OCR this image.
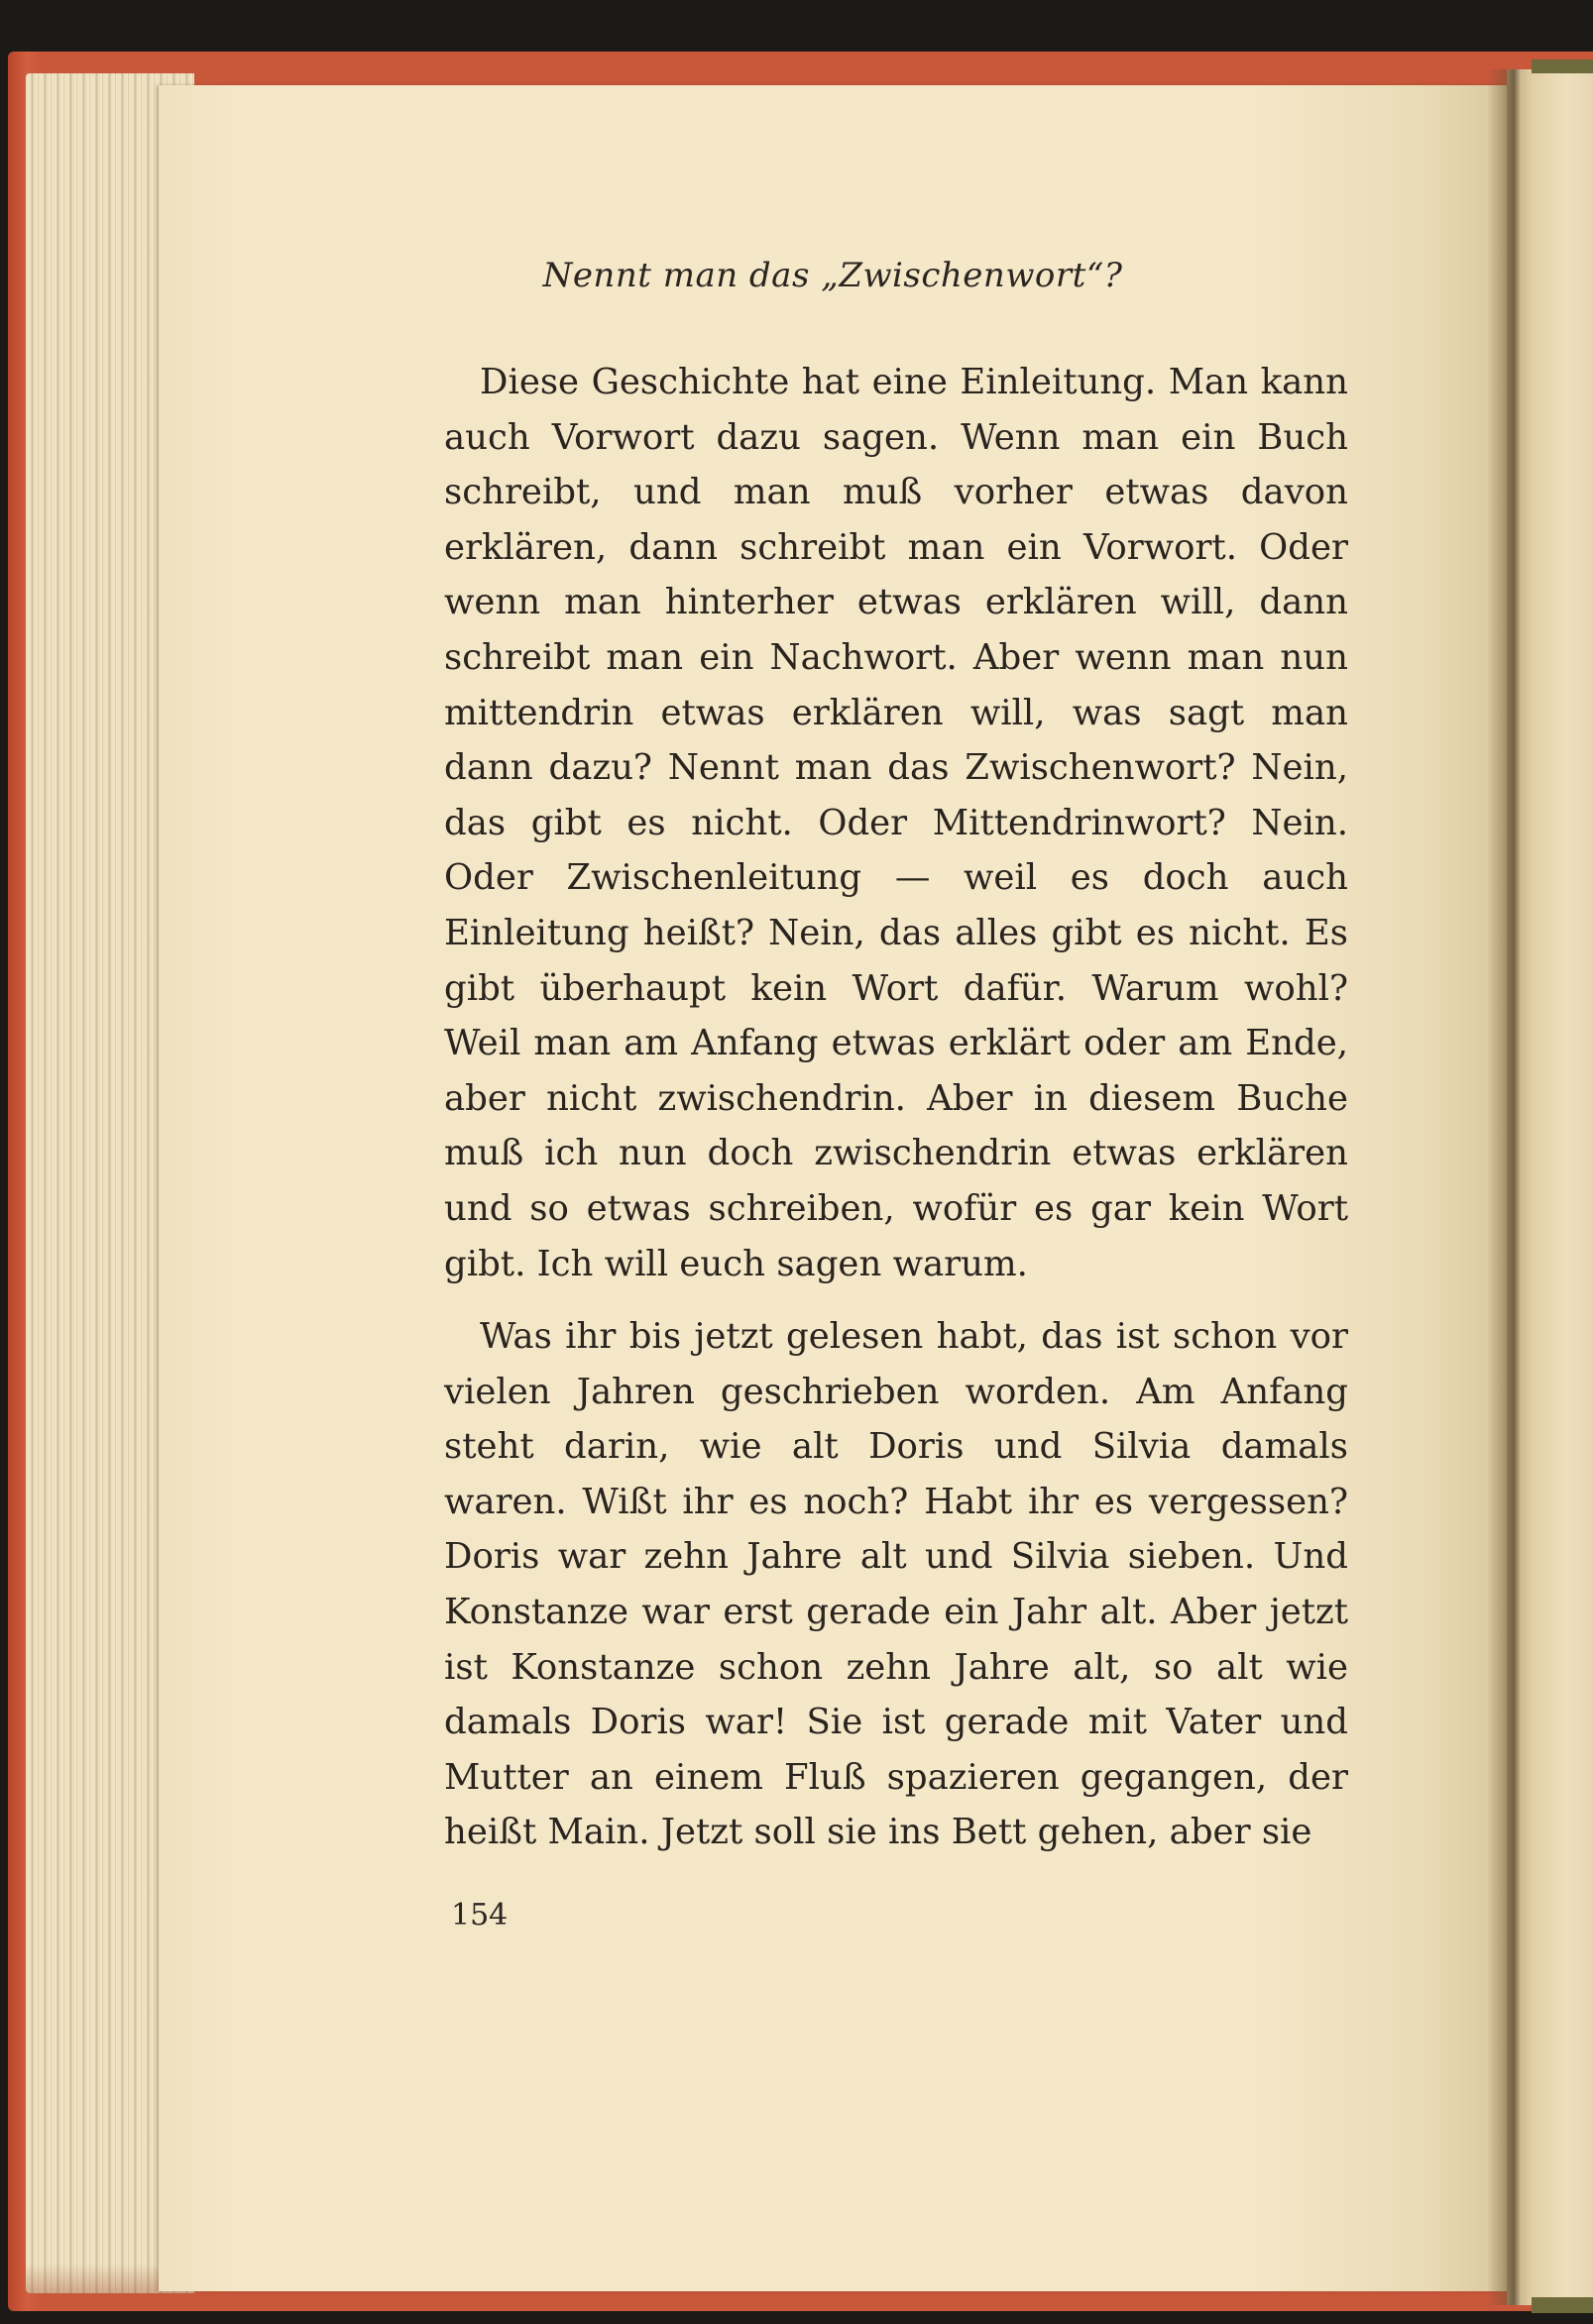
Nennt man das „Zwischenwort“?

Diese Geschichte hat eine Einleitung. Man kann auch Vorwort dazu sagen. Wenn man ein Buch schreibt, und man muß vorher etwas davon erklären, dann schreibt man ein Vorwort. Oder wenn man hinterher etwas erklären will, dann schreibt man ein Nachwort. Aber wenn man nun mittendrin etwas erklären will, was sagt man dann dazu? Nennt man das Zwischenwort? Nein, das gibt es nicht. Oder Mittendrinwort? Nein. Oder Zwischenleitung — weil es doch auch Einleitung heißt? Nein, das alles gibt es nicht. Es gibt überhaupt kein Wort dafür. Warum wohl? Weil man am Anfang etwas erklärt oder am Ende, aber nicht zwischendrin. Aber in diesem Buche muß ich nun doch zwischendrin etwas erklären und so etwas schreiben, wofür es gar kein Wort gibt. Ich will euch sagen warum.

Was ihr bis jetzt gelesen habt, das ist schon vor vielen Jahren geschrieben worden. Am Anfang steht darin, wie alt Doris und Silvia damals waren. Wißt ihr es noch? Habt ihr es vergessen? Doris war zehn Jahre alt und Silvia sieben. Und Konstanze war erst gerade ein Jahr alt. Aber jetzt ist Konstanze schon zehn Jahre alt, so alt wie damals Doris war! Sie ist gerade mit Vater und Mutter an einem Fluß spazieren gegangen, der heißt Main. Jetzt soll sie ins Bett gehen, aber sie

154
